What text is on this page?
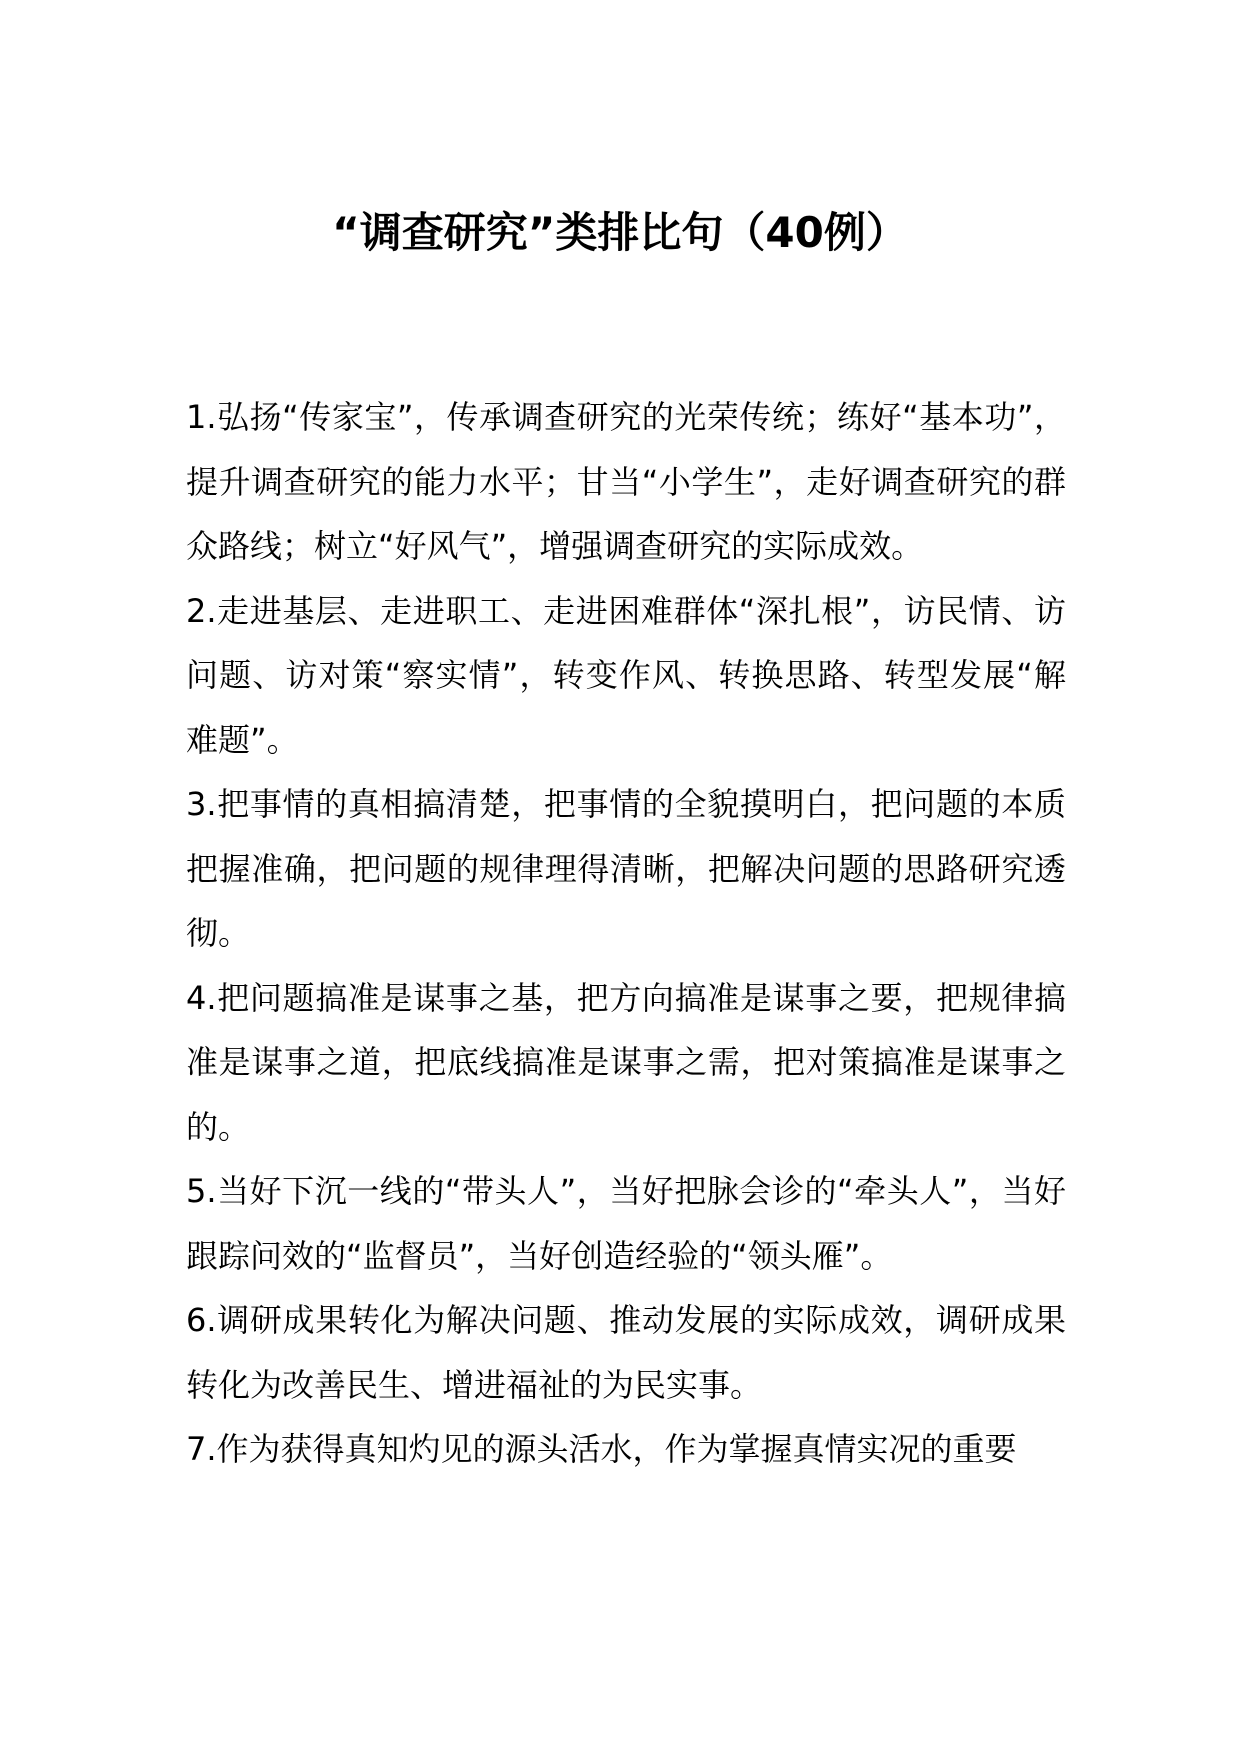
“调查研究”类排比句（40例）

1.弘扬“传家宝”，传承调查研究的光荣传统；练好“基本功”，提升调查研究的能力水平；甘当“小学生”，走好调查研究的群众路线；树立“好风气”，增强调查研究的实际成效。

2.走进基层、走进职工、走进困难群体“深扎根”，访民情、访问题、访对策“察实情”，转变作风、转换思路、转型发展“解难题”。

3.把事情的真相搞清楚，把事情的全貌摸明白，把问题的本质把握准确，把问题的规律理得清晰，把解决问题的思路研究透彻。

4.把问题搞准是谋事之基，把方向搞准是谋事之要，把规律搞准是谋事之道，把底线搞准是谋事之需，把对策搞准是谋事之的。

5.当好下沉一线的“带头人”，当好把脉会诊的“牵头人”，当好跟踪问效的“监督员”，当好创造经验的“领头雁”。

6.调研成果转化为解决问题、推动发展的实际成效，调研成果转化为改善民生、增进福祉的为民实事。

7.作为获得真知灼见的源头活水，作为掌握真情实况的重要
